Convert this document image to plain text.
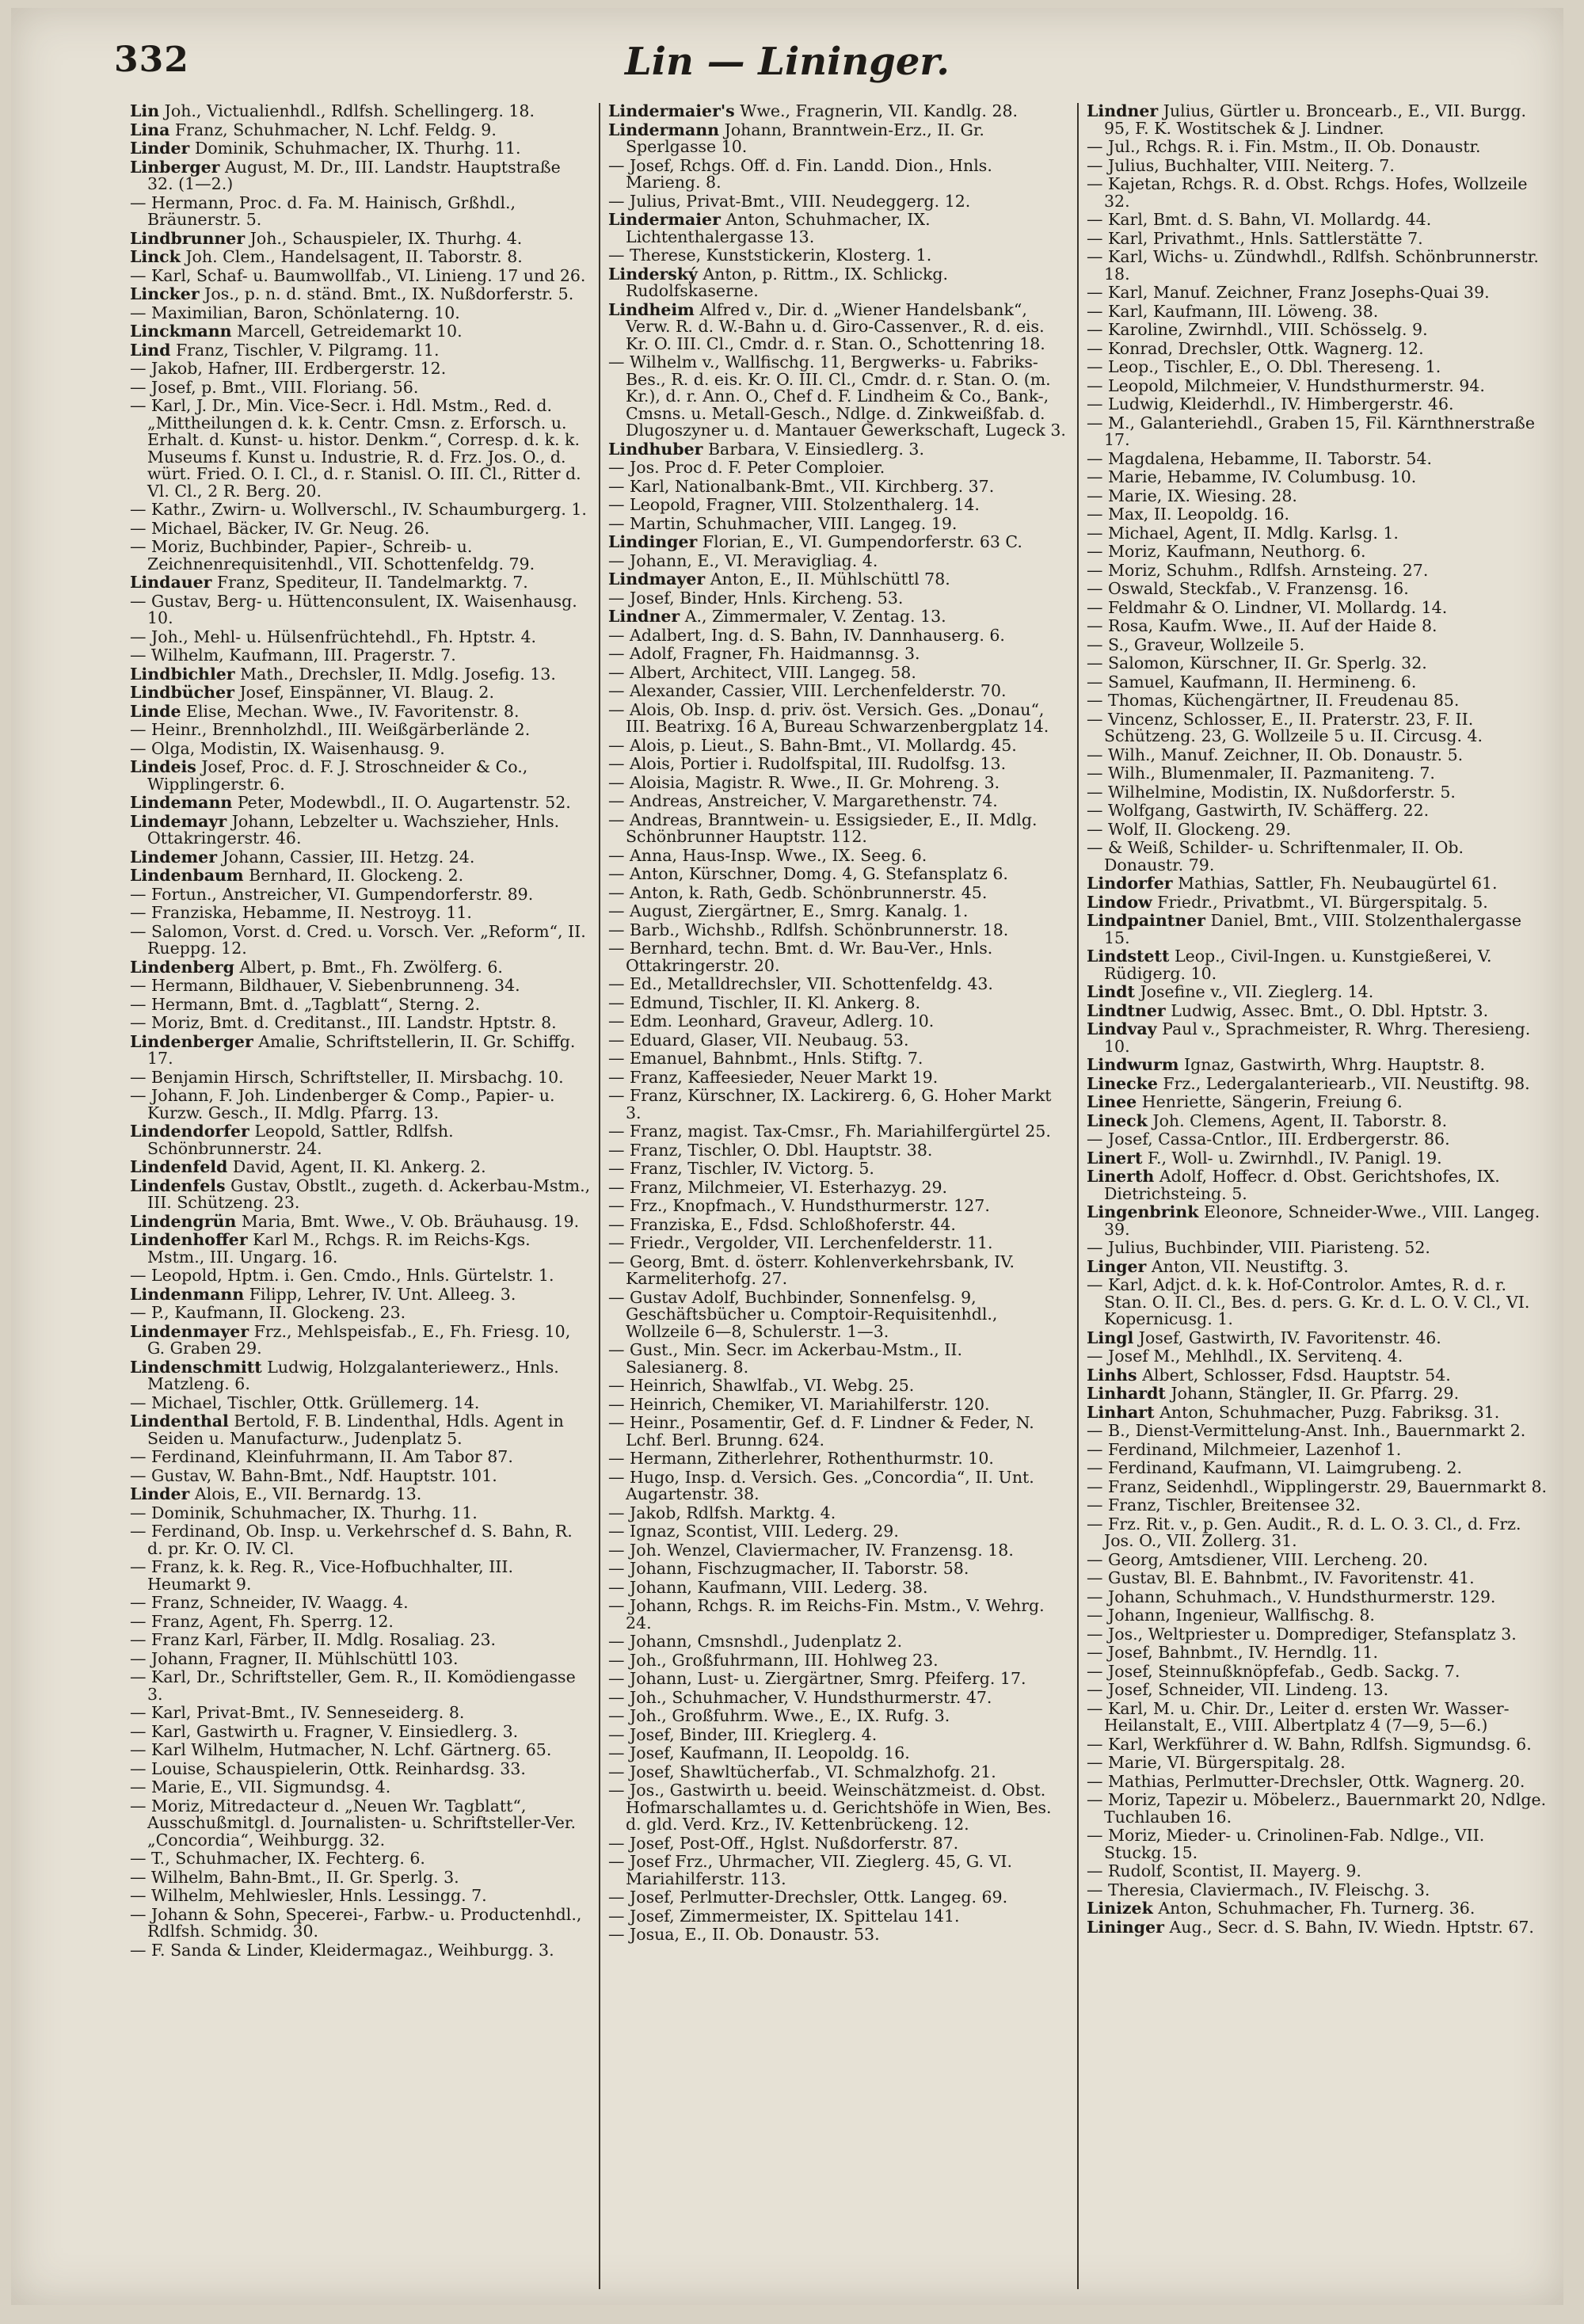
332	Lin — Lininger.

Lin Joh., Victualienhdl., Rdlfsh. Schellingerg. 18.

Lina Franz, Schuhmacher, N. Lchf. Feldg. 9.

Linder Dominik, Schuhmacher, IX. Thurhg. 11.

Linberger August, M. Dr., III. Landstr. Hauptstraße 32. (1—2.)

— Hermann, Proc. d. Fa. M. Hainisch, Grßhdl., Bräunerstr. 5.

Lindbrunner Joh., Schauspieler, IX. Thurhg. 4.

Linck Joh. Clem., Handelsagent, II. Taborstr. 8.

— Karl, Schaf- u. Baumwollfab., VI. Linieng. 17 und 26.

Lincker Jos., p. n. d. ständ. Bmt., IX. Nußdorferstr. 5.

— Maximilian, Baron, Schönlaterng. 10.

Linckmann Marcell, Getreidemarkt 10.

Lind Franz, Tischler, V. Pilgramg. 11.

— Jakob, Hafner, III. Erdbergerstr. 12.

— Josef, p. Bmt., VIII. Floriang. 56.

— Karl, J. Dr., Min. Vice-Secr. i. Hdl. Mstm., Red. d. „Mittheilungen d. k. k. Centr. Cmsn. z. Erforsch. u. Erhalt. d. Kunst- u. histor. Denkm.“, Corresp. d. k. k. Museums f. Kunst u. Industrie, R. d. Frz. Jos. O., d. würt. Fried. O. I. Cl., d. r. Stanisl. O. III. Cl., Ritter d. Vl. Cl., 2 R. Berg. 20.

— Kathr., Zwirn- u. Wollverschl., IV. Schaumburgerg. 1.

— Michael, Bäcker, IV. Gr. Neug. 26.

— Moriz, Buchbinder, Papier-, Schreib- u. Zeichnenrequisitenhdl., VII. Schottenfeldg. 79.

Lindauer Franz, Spediteur, II. Tandelmarktg. 7.

— Gustav, Berg- u. Hüttenconsulent, IX. Waisenhausg. 10.

— Joh., Mehl- u. Hülsenfrüchtehdl., Fh. Hptstr. 4.

— Wilhelm, Kaufmann, III. Pragerstr. 7.

Lindbichler Math., Drechsler, II. Mdlg. Josefig. 13.

Lindbücher Josef, Einspänner, VI. Blaug. 2.

Linde Elise, Mechan. Wwe., IV. Favoritenstr. 8.

— Heinr., Brennholzhdl., III. Weißgärberlände 2.

— Olga, Modistin, IX. Waisenhausg. 9.

Lindeis Josef, Proc. d. F. J. Stroschneider & Co., Wipplingerstr. 6.

Lindemann Peter, Modewbdl., II. O. Augartenstr. 52.

Lindemayr Johann, Lebzelter u. Wachszieher, Hnls. Ottakringerstr. 46.

Lindemer Johann, Cassier, III. Hetzg. 24.

Lindenbaum Bernhard, II. Glockeng. 2.

— Fortun., Anstreicher, VI. Gumpendorferstr. 89.

— Franziska, Hebamme, II. Nestroyg. 11.

— Salomon, Vorst. d. Cred. u. Vorsch. Ver. „Reform“, II. Rueppg. 12.

Lindenberg Albert, p. Bmt., Fh. Zwölferg. 6.

— Hermann, Bildhauer, V. Siebenbrunneng. 34.

— Hermann, Bmt. d. „Tagblatt“, Sterng. 2.

— Moriz, Bmt. d. Creditanst., III. Landstr. Hptstr. 8.

Lindenberger Amalie, Schriftstellerin, II. Gr. Schiffg. 17.

— Benjamin Hirsch, Schriftsteller, II. Mirsbachg. 10.

— Johann, F. Joh. Lindenberger & Comp., Papier- u. Kurzw. Gesch., II. Mdlg. Pfarrg. 13.

Lindendorfer Leopold, Sattler, Rdlfsh. Schönbrunnerstr. 24.

Lindenfeld David, Agent, II. Kl. Ankerg. 2.

Lindenfels Gustav, Obstlt., zugeth. d. Ackerbau-Mstm., III. Schützeng. 23.

Lindengrün Maria, Bmt. Wwe., V. Ob. Bräuhausg. 19.

Lindenhoffer Karl M., Rchgs. R. im Reichs-Kgs. Mstm., III. Ungarg. 16.

— Leopold, Hptm. i. Gen. Cmdo., Hnls. Gürtelstr. 1.

Lindenmann Filipp, Lehrer, IV. Unt. Alleeg. 3.

— P., Kaufmann, II. Glockeng. 23.

Lindenmayer Frz., Mehlspeisfab., E., Fh. Friesg. 10, G. Graben 29.

Lindenschmitt Ludwig, Holzgalanteriewerz., Hnls. Matzleng. 6.

— Michael, Tischler, Ottk. Grüllemerg. 14.

Lindenthal Bertold, F. B. Lindenthal, Hdls. Agent in Seiden u. Manufacturw., Judenplatz 5.

— Ferdinand, Kleinfuhrmann, II. Am Tabor 87.

— Gustav, W. Bahn-Bmt., Ndf. Hauptstr. 101.

Linder Alois, E., VII. Bernardg. 13.

— Dominik, Schuhmacher, IX. Thurhg. 11.

— Ferdinand, Ob. Insp. u. Verkehrschef d. S. Bahn, R. d. pr. Kr. O. IV. Cl.

— Franz, k. k. Reg. R., Vice-Hofbuchhalter, III. Heumarkt 9.

— Franz, Schneider, IV. Waagg. 4.

— Franz, Agent, Fh. Sperrg. 12.

— Franz Karl, Färber, II. Mdlg. Rosaliag. 23.

— Johann, Fragner, II. Mühlschüttl 103.

— Karl, Dr., Schriftsteller, Gem. R., II. Komödiengasse 3.

— Karl, Privat-Bmt., IV. Senneseiderg. 8.

— Karl, Gastwirth u. Fragner, V. Einsiedlerg. 3.

— Karl Wilhelm, Hutmacher, N. Lchf. Gärtnerg. 65.

— Louise, Schauspielerin, Ottk. Reinhardsg. 33.

— Marie, E., VII. Sigmundsg. 4.

— Moriz, Mitredacteur d. „Neuen Wr. Tagblatt“, Ausschußmitgl. d. Journalisten- u. Schriftsteller-Ver. „Concordia“, Weihburgg. 32.

— T., Schuhmacher, IX. Fechterg. 6.

— Wilhelm, Bahn-Bmt., II. Gr. Sperlg. 3.

— Wilhelm, Mehlwiesler, Hnls. Lessingg. 7.

— Johann & Sohn, Specerei-, Farbw.- u. Productenhdl., Rdlfsh. Schmidg. 30.

— F. Sanda & Linder, Kleidermagaz., Weihburgg. 3.

Lindermaier's Wwe., Fragnerin, VII. Kandlg. 28.

Lindermann Johann, Branntwein-Erz., II. Gr. Sperlgasse 10.

— Josef, Rchgs. Off. d. Fin. Landd. Dion., Hnls. Marieng. 8.

— Julius, Privat-Bmt., VIII. Neudeggerg. 12.

Lindermaier Anton, Schuhmacher, IX. Lichtenthalergasse 13.

— Therese, Kunststickerin, Klosterg. 1.

Linderský Anton, p. Rittm., IX. Schlickg. Rudolfskaserne.

Lindheim Alfred v., Dir. d. „Wiener Handelsbank“, Verw. R. d. W.-Bahn u. d. Giro-Cassenver., R. d. eis. Kr. O. III. Cl., Cmdr. d. r. Stan. O., Schottenring 18.

— Wilhelm v., Wallfischg. 11, Bergwerks- u. Fabriks-Bes., R. d. eis. Kr. O. III. Cl., Cmdr. d. r. Stan. O. (m. Kr.), d. r. Ann. O., Chef d. F. Lindheim & Co., Bank-, Cmsns. u. Metall-Gesch., Ndlge. d. Zinkweißfab. d. Dlugoszyner u. d. Mantauer Gewerkschaft, Lugeck 3.

Lindhuber Barbara, V. Einsiedlerg. 3.

— Jos. Proc d. F. Peter Comploier.

— Karl, Nationalbank-Bmt., VII. Kirchberg. 37.

— Leopold, Fragner, VIII. Stolzenthalerg. 14.

— Martin, Schuhmacher, VIII. Langeg. 19.

Lindinger Florian, E., VI. Gumpendorferstr. 63 C.

— Johann, E., VI. Meravigliag. 4.

Lindmayer Anton, E., II. Mühlschüttl 78.

— Josef, Binder, Hnls. Kircheng. 53.

Lindner A., Zimmermaler, V. Zentag. 13.

— Adalbert, Ing. d. S. Bahn, IV. Dannhauserg. 6.

— Adolf, Fragner, Fh. Haidmannsg. 3.

— Albert, Architect, VIII. Langeg. 58.

— Alexander, Cassier, VIII. Lerchenfelderstr. 70.

— Alois, Ob. Insp. d. priv. öst. Versich. Ges. „Donau“, III. Beatrixg. 16 A, Bureau Schwarzenbergplatz 14.

— Alois, p. Lieut., S. Bahn-Bmt., VI. Mollardg. 45.

— Alois, Portier i. Rudolfspital, III. Rudolfsg. 13.

— Aloisia, Magistr. R. Wwe., II. Gr. Mohreng. 3.

— Andreas, Anstreicher, V. Margarethenstr. 74.

— Andreas, Branntwein- u. Essigsieder, E., II. Mdlg. Schönbrunner Hauptstr. 112.

— Anna, Haus-Insp. Wwe., IX. Seeg. 6.

— Anton, Kürschner, Domg. 4, G. Stefansplatz 6.

— Anton, k. Rath, Gedb. Schönbrunnerstr. 45.

— August, Ziergärtner, E., Smrg. Kanalg. 1.

— Barb., Wichshb., Rdlfsh. Schönbrunnerstr. 18.

— Bernhard, techn. Bmt. d. Wr. Bau-Ver., Hnls. Ottakringerstr. 20.

— Ed., Metalldrechsler, VII. Schottenfeldg. 43.

— Edmund, Tischler, II. Kl. Ankerg. 8.

— Edm. Leonhard, Graveur, Adlerg. 10.

— Eduard, Glaser, VII. Neubaug. 53.

— Emanuel, Bahnbmt., Hnls. Stiftg. 7.

— Franz, Kaffeesieder, Neuer Markt 19.

— Franz, Kürschner, IX. Lackirerg. 6, G. Hoher Markt 3.

— Franz, magist. Tax-Cmsr., Fh. Mariahilfergürtel 25.

— Franz, Tischler, O. Dbl. Hauptstr. 38.

— Franz, Tischler, IV. Victorg. 5.

— Franz, Milchmeier, VI. Esterhazyg. 29.

— Frz., Knopfmach., V. Hundsthurmerstr. 127.

— Franziska, E., Fdsd. Schloßhoferstr. 44.

— Friedr., Vergolder, VII. Lerchenfelderstr. 11.

— Georg, Bmt. d. österr. Kohlenverkehrsbank, IV. Karmeliterhofg. 27.

— Gustav Adolf, Buchbinder, Sonnenfelsg. 9, Geschäftsbücher u. Comptoir-Requisitenhdl., Wollzeile 6—8, Schulerstr. 1—3.

— Gust., Min. Secr. im Ackerbau-Mstm., II. Salesianerg. 8.

— Heinrich, Shawlfab., VI. Webg. 25.

— Heinrich, Chemiker, VI. Mariahilferstr. 120.

— Heinr., Posamentir, Gef. d. F. Lindner & Feder, N. Lchf. Berl. Brunng. 624.

— Hermann, Zitherlehrer, Rothenthurmstr. 10.

— Hugo, Insp. d. Versich. Ges. „Concordia“, II. Unt. Augartenstr. 38.

— Jakob, Rdlfsh. Marktg. 4.

— Ignaz, Scontist, VIII. Lederg. 29.

— Joh. Wenzel, Claviermacher, IV. Franzensg. 18.

— Johann, Fischzugmacher, II. Taborstr. 58.

— Johann, Kaufmann, VIII. Lederg. 38.

— Johann, Rchgs. R. im Reichs-Fin. Mstm., V. Wehrg. 24.

— Johann, Cmsnshdl., Judenplatz 2.

— Joh., Großfuhrmann, III. Hohlweg 23.

— Johann, Lust- u. Ziergärtner, Smrg. Pfeiferg. 17.

— Joh., Schuhmacher, V. Hundsthurmerstr. 47.

— Joh., Großfuhrm. Wwe., E., IX. Rufg. 3.

— Josef, Binder, III. Krieglerg. 4.

— Josef, Kaufmann, II. Leopoldg. 16.

— Josef, Shawltücherfab., VI. Schmalzhofg. 21.

— Jos., Gastwirth u. beeid. Weinschätzmeist. d. Obst. Hofmarschallamtes u. d. Gerichtshöfe in Wien, Bes. d. gld. Verd. Krz., IV. Kettenbrückeng. 12.

— Josef, Post-Off., Hglst. Nußdorferstr. 87.

— Josef Frz., Uhrmacher, VII. Zieglerg. 45, G. VI. Mariahilferstr. 113.

— Josef, Perlmutter-Drechsler, Ottk. Langeg. 69.

— Josef, Zimmermeister, IX. Spittelau 141.

— Josua, E., II. Ob. Donaustr. 53.

Lindner Julius, Gürtler u. Broncearb., E., VII. Burgg. 95, F. K. Wostitschek & J. Lindner.

— Jul., Rchgs. R. i. Fin. Mstm., II. Ob. Donaustr.

— Julius, Buchhalter, VIII. Neiterg. 7.

— Kajetan, Rchgs. R. d. Obst. Rchgs. Hofes, Wollzeile 32.

— Karl, Bmt. d. S. Bahn, VI. Mollardg. 44.

— Karl, Privathmt., Hnls. Sattlerstätte 7.

— Karl, Wichs- u. Zündwhdl., Rdlfsh. Schönbrunnerstr. 18.

— Karl, Manuf. Zeichner, Franz Josephs-Quai 39.

— Karl, Kaufmann, III. Löweng. 38.

— Karoline, Zwirnhdl., VIII. Schösselg. 9.

— Konrad, Drechsler, Ottk. Wagnerg. 12.

— Leop., Tischler, E., O. Dbl. Thereseng. 1.

— Leopold, Milchmeier, V. Hundsthurmerstr. 94.

— Ludwig, Kleiderhdl., IV. Himbergerstr. 46.

— M., Galanteriehdl., Graben 15, Fil. Kärnthnerstraße 17.

— Magdalena, Hebamme, II. Taborstr. 54.

— Marie, Hebamme, IV. Columbusg. 10.

— Marie, IX. Wiesing. 28.

— Max, II. Leopoldg. 16.

— Michael, Agent, II. Mdlg. Karlsg. 1.

— Moriz, Kaufmann, Neuthorg. 6.

— Moriz, Schuhm., Rdlfsh. Arnsteing. 27.

— Oswald, Steckfab., V. Franzensg. 16.

— Feldmahr & O. Lindner, VI. Mollardg. 14.

— Rosa, Kaufm. Wwe., II. Auf der Haide 8.

— S., Graveur, Wollzeile 5.

— Salomon, Kürschner, II. Gr. Sperlg. 32.

— Samuel, Kaufmann, II. Hermineng. 6.

— Thomas, Küchengärtner, II. Freudenau 85.

— Vincenz, Schlosser, E., II. Praterstr. 23, F. II. Schützeng. 23, G. Wollzeile 5 u. II. Circusg. 4.

— Wilh., Manuf. Zeichner, II. Ob. Donaustr. 5.

— Wilh., Blumenmaler, II. Pazmaniteng. 7.

— Wilhelmine, Modistin, IX. Nußdorferstr. 5.

— Wolfgang, Gastwirth, IV. Schäfferg. 22.

— Wolf, II. Glockeng. 29.

— & Weiß, Schilder- u. Schriftenmaler, II. Ob. Donaustr. 79.

Lindorfer Mathias, Sattler, Fh. Neubaugürtel 61.

Lindow Friedr., Privatbmt., VI. Bürgerspitalg. 5.

Lindpaintner Daniel, Bmt., VIII. Stolzenthalergasse 15.

Lindstett Leop., Civil-Ingen. u. Kunstgießerei, V. Rüdigerg. 10.

Lindt Josefine v., VII. Zieglerg. 14.

Lindtner Ludwig, Assec. Bmt., O. Dbl. Hptstr. 3.

Lindvay Paul v., Sprachmeister, R. Whrg. Theresieng. 10.

Lindwurm Ignaz, Gastwirth, Whrg. Hauptstr. 8.

Linecke Frz., Ledergalanteriearb., VII. Neustiftg. 98.

Linee Henriette, Sängerin, Freiung 6.

Lineck Joh. Clemens, Agent, II. Taborstr. 8.

— Josef, Cassa-Cntlor., III. Erdbergerstr. 86.

Linert F., Woll- u. Zwirnhdl., IV. Panigl. 19.

Linerth Adolf, Hoffecr. d. Obst. Gerichtshofes, IX. Dietrichsteing. 5.

Lingenbrink Eleonore, Schneider-Wwe., VIII. Langeg. 39.

— Julius, Buchbinder, VIII. Piaristeng. 52.

Linger Anton, VII. Neustiftg. 3.

— Karl, Adjct. d. k. k. Hof-Controlor. Amtes, R. d. r. Stan. O. II. Cl., Bes. d. pers. G. Kr. d. L. O. V. Cl., VI. Kopernicusg. 1.

Lingl Josef, Gastwirth, IV. Favoritenstr. 46.

— Josef M., Mehlhdl., IX. Servitenq. 4.

Linhs Albert, Schlosser, Fdsd. Hauptstr. 54.

Linhardt Johann, Stängler, II. Gr. Pfarrg. 29.

Linhart Anton, Schuhmacher, Puzg. Fabriksg. 31.

— B., Dienst-Vermittelung-Anst. Inh., Bauernmarkt 2.

— Ferdinand, Milchmeier, Lazenhof 1.

— Ferdinand, Kaufmann, VI. Laimgrubeng. 2.

— Franz, Seidenhdl., Wipplingerstr. 29, Bauernmarkt 8.

— Franz, Tischler, Breitensee 32.

— Frz. Rit. v., p. Gen. Audit., R. d. L. O. 3. Cl., d. Frz. Jos. O., VII. Zollerg. 31.

— Georg, Amtsdiener, VIII. Lercheng. 20.

— Gustav, Bl. E. Bahnbmt., IV. Favoritenstr. 41.

— Johann, Schuhmach., V. Hundsthurmerstr. 129.

— Johann, Ingenieur, Wallfischg. 8.

— Jos., Weltpriester u. Domprediger, Stefansplatz 3.

— Josef, Bahnbmt., IV. Herndlg. 11.

— Josef, Steinnußknöpfefab., Gedb. Sackg. 7.

— Josef, Schneider, VII. Lindeng. 13.

— Karl, M. u. Chir. Dr., Leiter d. ersten Wr. Wasser-Heilanstalt, E., VIII. Albertplatz 4 (7—9, 5—6.)

— Karl, Werkführer d. W. Bahn, Rdlfsh. Sigmundsg. 6.

— Marie, VI. Bürgerspitalg. 28.

— Mathias, Perlmutter-Drechsler, Ottk. Wagnerg. 20.

— Moriz, Tapezir u. Möbelerz., Bauernmarkt 20, Ndlge. Tuchlauben 16.

— Moriz, Mieder- u. Crinolinen-Fab. Ndlge., VII. Stuckg. 15.

— Rudolf, Scontist, II. Mayerg. 9.

— Theresia, Claviermach., IV. Fleischg. 3.

Linizek Anton, Schuhmacher, Fh. Turnerg. 36.

Lininger Aug., Secr. d. S. Bahn, IV. Wiedn. Hptstr. 67.
